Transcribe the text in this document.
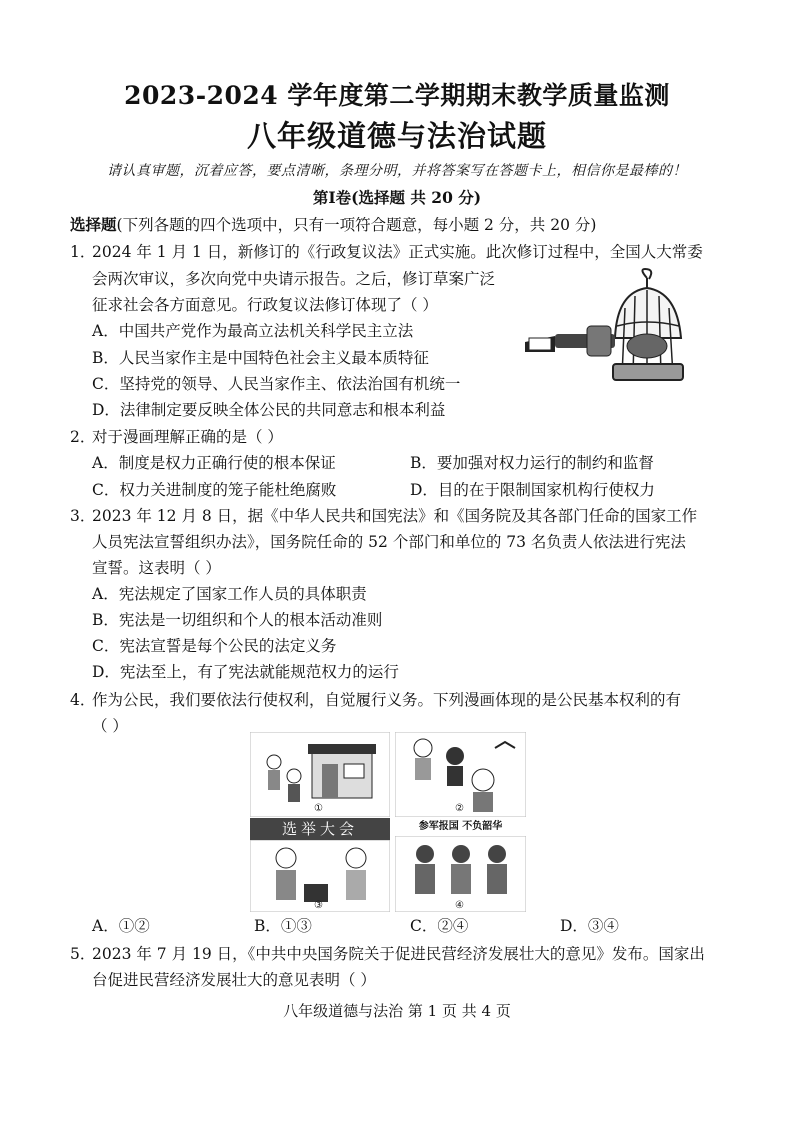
2023-2024 学年度第二学期期末教学质量监测
八年级道德与法治试题
请认真审题，沉着应答，要点清晰，条理分明，并将答案写在答题卡上，相信你是最棒的！
第Ⅰ卷(选择题 共 20 分)
选择题(下列各题的四个选项中，只有一项符合题意，每小题 2 分，共 20 分)
1．
2024 年 1 月 1 日，新修订的《行政复议法》正式实施。此次修订过程中，全国人大常委
会两次审议，多次向党中央请示报告。之后，修订草案广泛
征求社会各方面意见。行政复议法修订体现了（ ）
A．中国共产党作为最高立法机关科学民主立法
B．人民当家作主是中国特色社会主义最本质特征
C．坚持党的领导、人民当家作主、依法治国有机统一
D．法律制定要反映全体公民的共同意志和根本利益
2．
对于漫画理解正确的是（ ）
A．制度是权力正确行使的根本保证	B．要加强对权力运行的制约和监督
C．权力关进制度的笼子能杜绝腐败	D．目的在于限制国家机构行使权力
3．
2023 年 12 月 8 日，据《中华人民共和国宪法》和《国务院及其各部门任命的国家工作
人员宪法宣誓组织办法》，国务院任命的 52 个部门和单位的 73 名负责人依法进行宪法
宣誓。这表明（ ）
A．宪法规定了国家工作人员的具体职责
B．宪法是一切组织和个人的根本活动准则
C．宪法宣誓是每个公民的法定义务
D．宪法至上，有了宪法就能规范权力的运行
4．
作为公民，我们要依法行使权利，自觉履行义务。下列漫画体现的是公民基本权利的有
（ ）
①	②
选举大会
③
参军报国 不负韶华
④
A．①②	B．①③	C．②④	D．③④
5．
2023 年 7 月 19 日，《中共中央国务院关于促进民营经济发展壮大的意见》发布。国家出
台促进民营经济发展壮大的意见表明（ ）
八年级道德与法治 第 1 页 共 4 页
